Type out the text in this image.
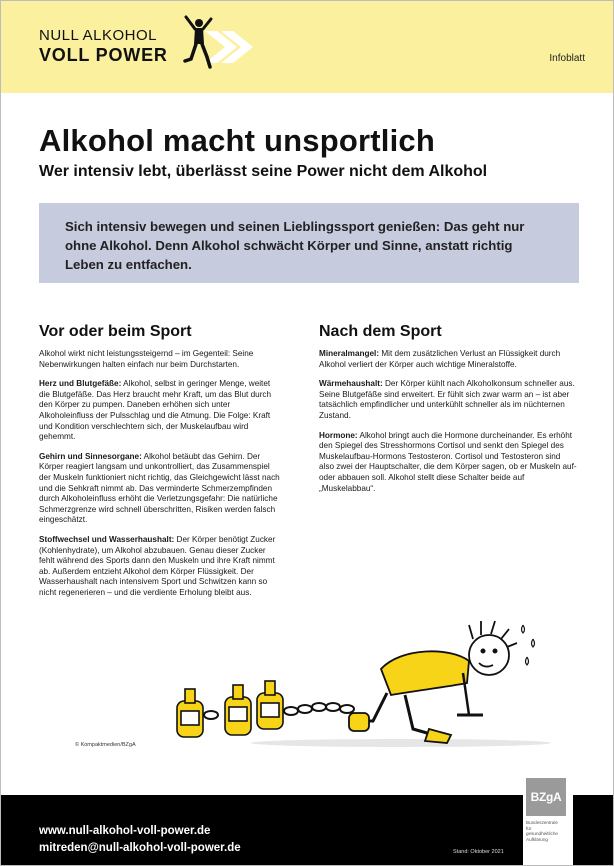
NULL ALKOHOL
VOLL POWER	Infoblatt
Alkohol macht unsportlich
Wer intensiv lebt, überlässt seine Power nicht dem Alkohol

Sich intensiv bewegen und seinen Lieblingssport genießen: Das geht nur ohne Alkohol. Denn Alkohol schwächt Körper und Sinne, anstatt richtig Leben zu entfachen.

Vor oder beim Sport

Alkohol wirkt nicht leistungssteigernd – im Gegenteil: Seine Nebenwirkungen halten einfach nur beim Durchstarten.

Herz und Blutgefäße: Alkohol, selbst in geringer Menge, weitet die Blutgefäße. Das Herz braucht mehr Kraft, um das Blut durch den Körper zu pumpen. Daneben erhöhen sich unter Alkoholeinfluss der Pulsschlag und die Atmung. Die Folge: Kraft und Kondition verschlechtern sich, der Muskelaufbau wird gehemmt.

Gehirn und Sinnesorgane: Alkohol betäubt das Gehirn. Der Körper reagiert langsam und unkontrolliert, das Zusammenspiel der Muskeln funktioniert nicht richtig, das Gleichgewicht lässt nach und die Sehkraft nimmt ab. Das verminderte Schmerzempfinden durch Alkoholeinfluss erhöht die Verletzungsgefahr: Die natürliche Schmerzgrenze wird schnell überschritten, Risiken werden falsch eingeschätzt.

Stoffwechsel und Wasserhaushalt: Der Körper benötigt Zucker (Kohlenhydrate), um Alkohol abzubauen. Genau dieser Zucker fehlt während des Sports dann den Muskeln und ihre Kraft nimmt ab. Außerdem entzieht Alkohol dem Körper Flüssigkeit. Der Wasserhaushalt nach intensivem Sport und Schwitzen kann so nicht regenerieren – und die verdiente Erholung bleibt aus.

Nach dem Sport

Mineralmangel: Mit dem zusätzlichen Verlust an Flüssigkeit durch Alkohol verliert der Körper auch wichtige Mineralstoffe.

Wärmehaushalt: Der Körper kühlt nach Alkoholkonsum schneller aus. Seine Blutgefäße sind erweitert. Er fühlt sich zwar warm an – ist aber tatsächlich empfindlicher und unterkühlt schneller als im nüchternen Zustand.

Hormone: Alkohol bringt auch die Hormone durcheinander. Es erhöht den Spiegel des Stresshormons Cortisol und senkt den Spiegel des Muskelaufbau-Hormons Testosteron. Cortisol und Testosteron sind also zwei der Hauptschalter, die dem Körper sagen, ob er Muskeln auf- oder abbauen soll. Alkohol stellt diese Schalter beide auf „Muskelabbau“.

© Kompaktmedien/BZgA
www.null-alkohol-voll-power.de
mitreden@null-alkohol-voll-power.de	Stand: Oktober 2021
BZgA
Bundeszentrale
für
gesundheitliche
Aufklärung
